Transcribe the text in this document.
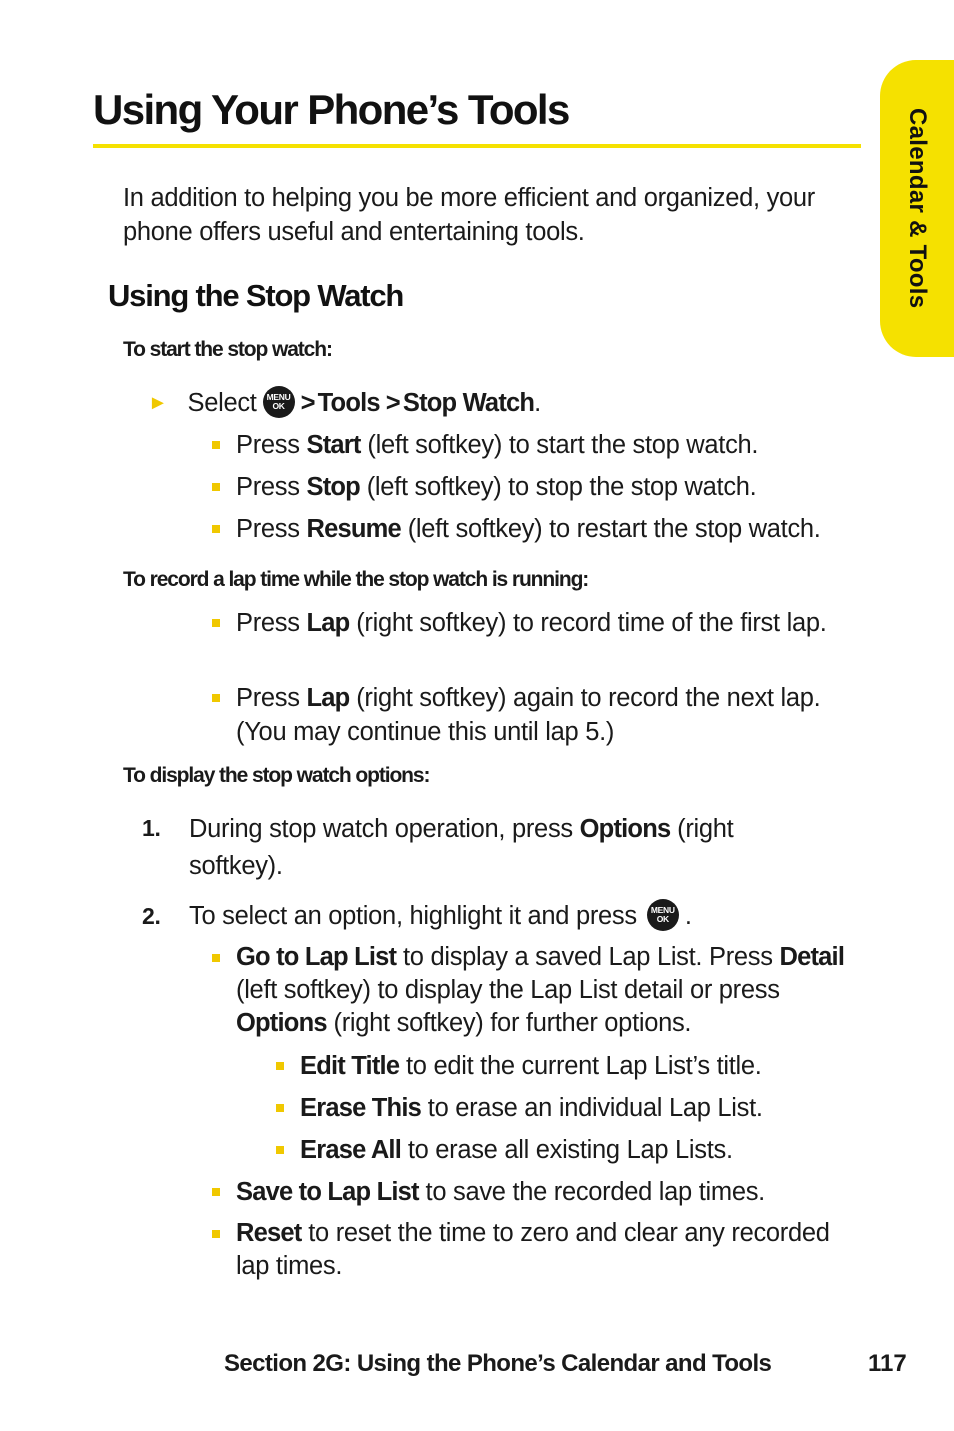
Using Your Phone’s Tools	Calendar & Tools

In addition to helping you be more efficient and organized, your phone offers useful and entertaining tools.

Using the Stop Watch

To start the stop watch:

► Select MENU
OK > Tools > Stop Watch .
Press Start (left softkey) to start the stop watch.
Press Stop (left softkey) to stop the stop watch.
Press Resume (left softkey) to restart the stop watch.

To record a lap time while the stop watch is running:

Press Lap (right softkey) to record time of the first lap.
Press Lap (right softkey) again to record the next lap. (You may continue this until lap 5.)

To display the stop watch options:

1.	During stop watch operation, press Options (right softkey).
2.	To select an option, highlight it and press MENU
OK .
Go to Lap List to display a saved Lap List. Press Detail (left softkey) to display the Lap List detail or press Options (right softkey) for further options.
Edit Title to edit the current Lap List’s title.
Erase This to erase an individual Lap List.
Erase All to erase all existing Lap Lists.
Save to Lap List to save the recorded lap times.
Reset to reset the time to zero and clear any recorded lap times.
Section 2G: Using the Phone’s Calendar and Tools	117
